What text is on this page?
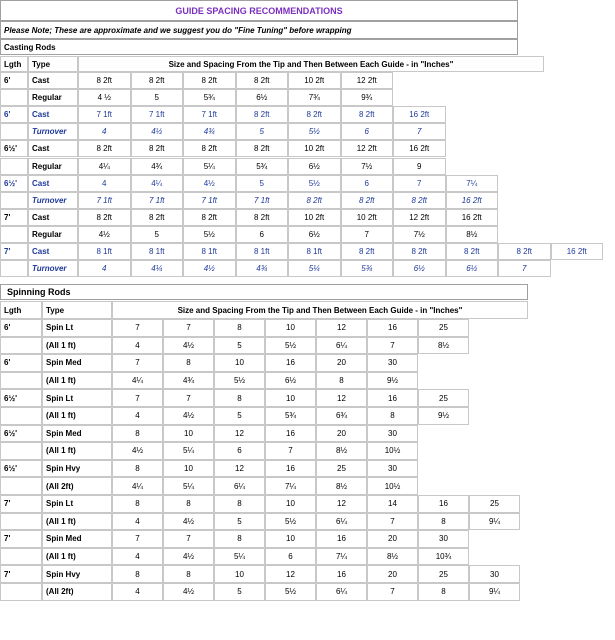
GUIDE SPACING RECOMMENDATIONS
Please Note; These are approximate and we suggest you do "Fine Tuning" before wrapping
Casting Rods
Lgth	Type	Size and Spacing From the Tip and Then Between Each Guide - in "Inches"
6'	Cast	8 2ft	8 2ft	8 2ft	8 2ft	10 2ft	12 2ft
Regular	4 ½	5	5¾	6½	7¾	9¾
6'	Cast	7 1ft	7 1ft	7 1ft	8 2ft	8 2ft	8 2ft	16 2ft
Turnover	4	4½	4¾	5	5½	6	7
6½'	Cast	8 2ft	8 2ft	8 2ft	8 2ft	10 2ft	12 2ft	16 2ft
Regular	4¼	4¾	5¼	5¾	6½	7½	9
6½'	Cast	4	4¼	4½	5	5½	6	7	7¼
Turnover	7 1ft	7 1ft	7 1ft	7 1ft	8 2ft	8 2ft	8 2ft	16 2ft
7'	Cast	8 2ft	8 2ft	8 2ft	8 2ft	10 2ft	10 2ft	12 2ft	16 2ft
Regular	4½	5	5½	6	6½	7	7½	8½
7'	Cast	8 1ft	8 1ft	8 1ft	8 1ft	8 1ft	8 2ft	8 2ft	8 2ft	8 2ft	16 2ft
Turnover	4	4¼	4½	4¾	5¼	5¾	6½	6½	7
Spinning Rods
Lgth	Type	Size and Spacing From the Tip and Then Between Each Guide - in "Inches"
6'	Spin Lt	7	7	8	10	12	16	25
(All 1 ft)	4	4½	5	5½	6¼	7	8½
6'	Spin Med	7	8	10	16	20	30
(All 1 ft)	4¼	4¾	5½	6½	8	9½
6½'	Spin Lt	7	7	8	10	12	16	25
(All 1 ft)	4	4½	5	5¾	6¾	8	9½
6½'	Spin Med	8	10	12	16	20	30
(All 1 ft)	4½	5¼	6	7	8½	10½
6½'	Spin Hvy	8	10	12	16	25	30
(All 2ft)	4¼	5¼	6¼	7¼	8½	10½
7'	Spin Lt	8	8	8	10	12	14	16	25
(All 1 ft)	4	4½	5	5½	6¼	7	8	9¼
7'	Spin Med	7	7	8	10	16	20	30
(All 1 ft)	4	4½	5¼	6	7¼	8½	10¾
7'	Spin Hvy	8	8	10	12	16	20	25	30
(All 2ft)	4	4½	5	5½	6¼	7	8	9¼
